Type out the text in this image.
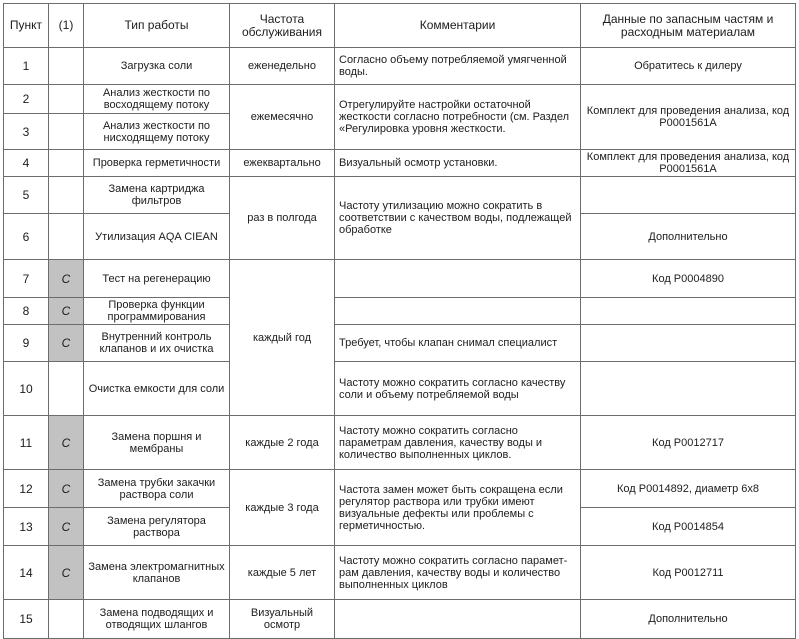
Пункт	(1)	Тип работы	Частота обслуживания	Комментарии	Данные по запасным частям и расходным материалам
1		Загрузка соли	еженедельно	Согласно объему потребляемой умягченной воды.	Обратитесь к дилеру
2		Анализ жесткости по восходящему потоку	ежемесячно	Отрегулируйте настройки остаточной жесткости согласно потребности (см. Раздел «Регулировка уровня жесткости.	Комплект для проведения анализа, код P0001561A
3		Анализ жесткости по нисходящему потоку			
4		Проверка герметичности	ежеквартально	Визуальный осмотр установки.	Комплект для проведения анализа, код P0001561A
5		Замена картриджа фильтров	раз в полгода	Частоту утилизацию можно сократить в соответствии с качеством воды, подлежащей обработке	
6		Утилизация AQA CIEAN			Дополнительно
7	C	Тест на регенерацию	каждый год		Код P0004890
8	C	Проверка функции программирования			
9	C	Внутренний контроль клапанов и их очистка		Требует, чтобы клапан снимал специалист	
10		Очистка емкости для соли		Частоту можно сократить согласно качеству соли и объему потребляемой воды	
11	C	Замена поршня и мембраны	каждые 2 года	Частоту можно сократить согласно параметрам давления, качеству воды и количество выполненных циклов.	Код P0012717
12	C	Замена трубки закачки раствора соли	каждые 3 года	Частота замен может быть сокращена если регулятор раствора или трубки имеют визуальные дефекты или проблемы с герметичностью.	Код P0014892, диаметр 6х8
13	C	Замена регулятора раствора			Код P0014854
14	C	Замена электромагнитных клапанов	каждые 5 лет	Частоту можно сократить согласно парамет-рам давления, качеству воды и количество выполненных циклов	Код P0012711
15		Замена подводящих и отводящих шлангов	Визуальный осмотр		Дополнительно
